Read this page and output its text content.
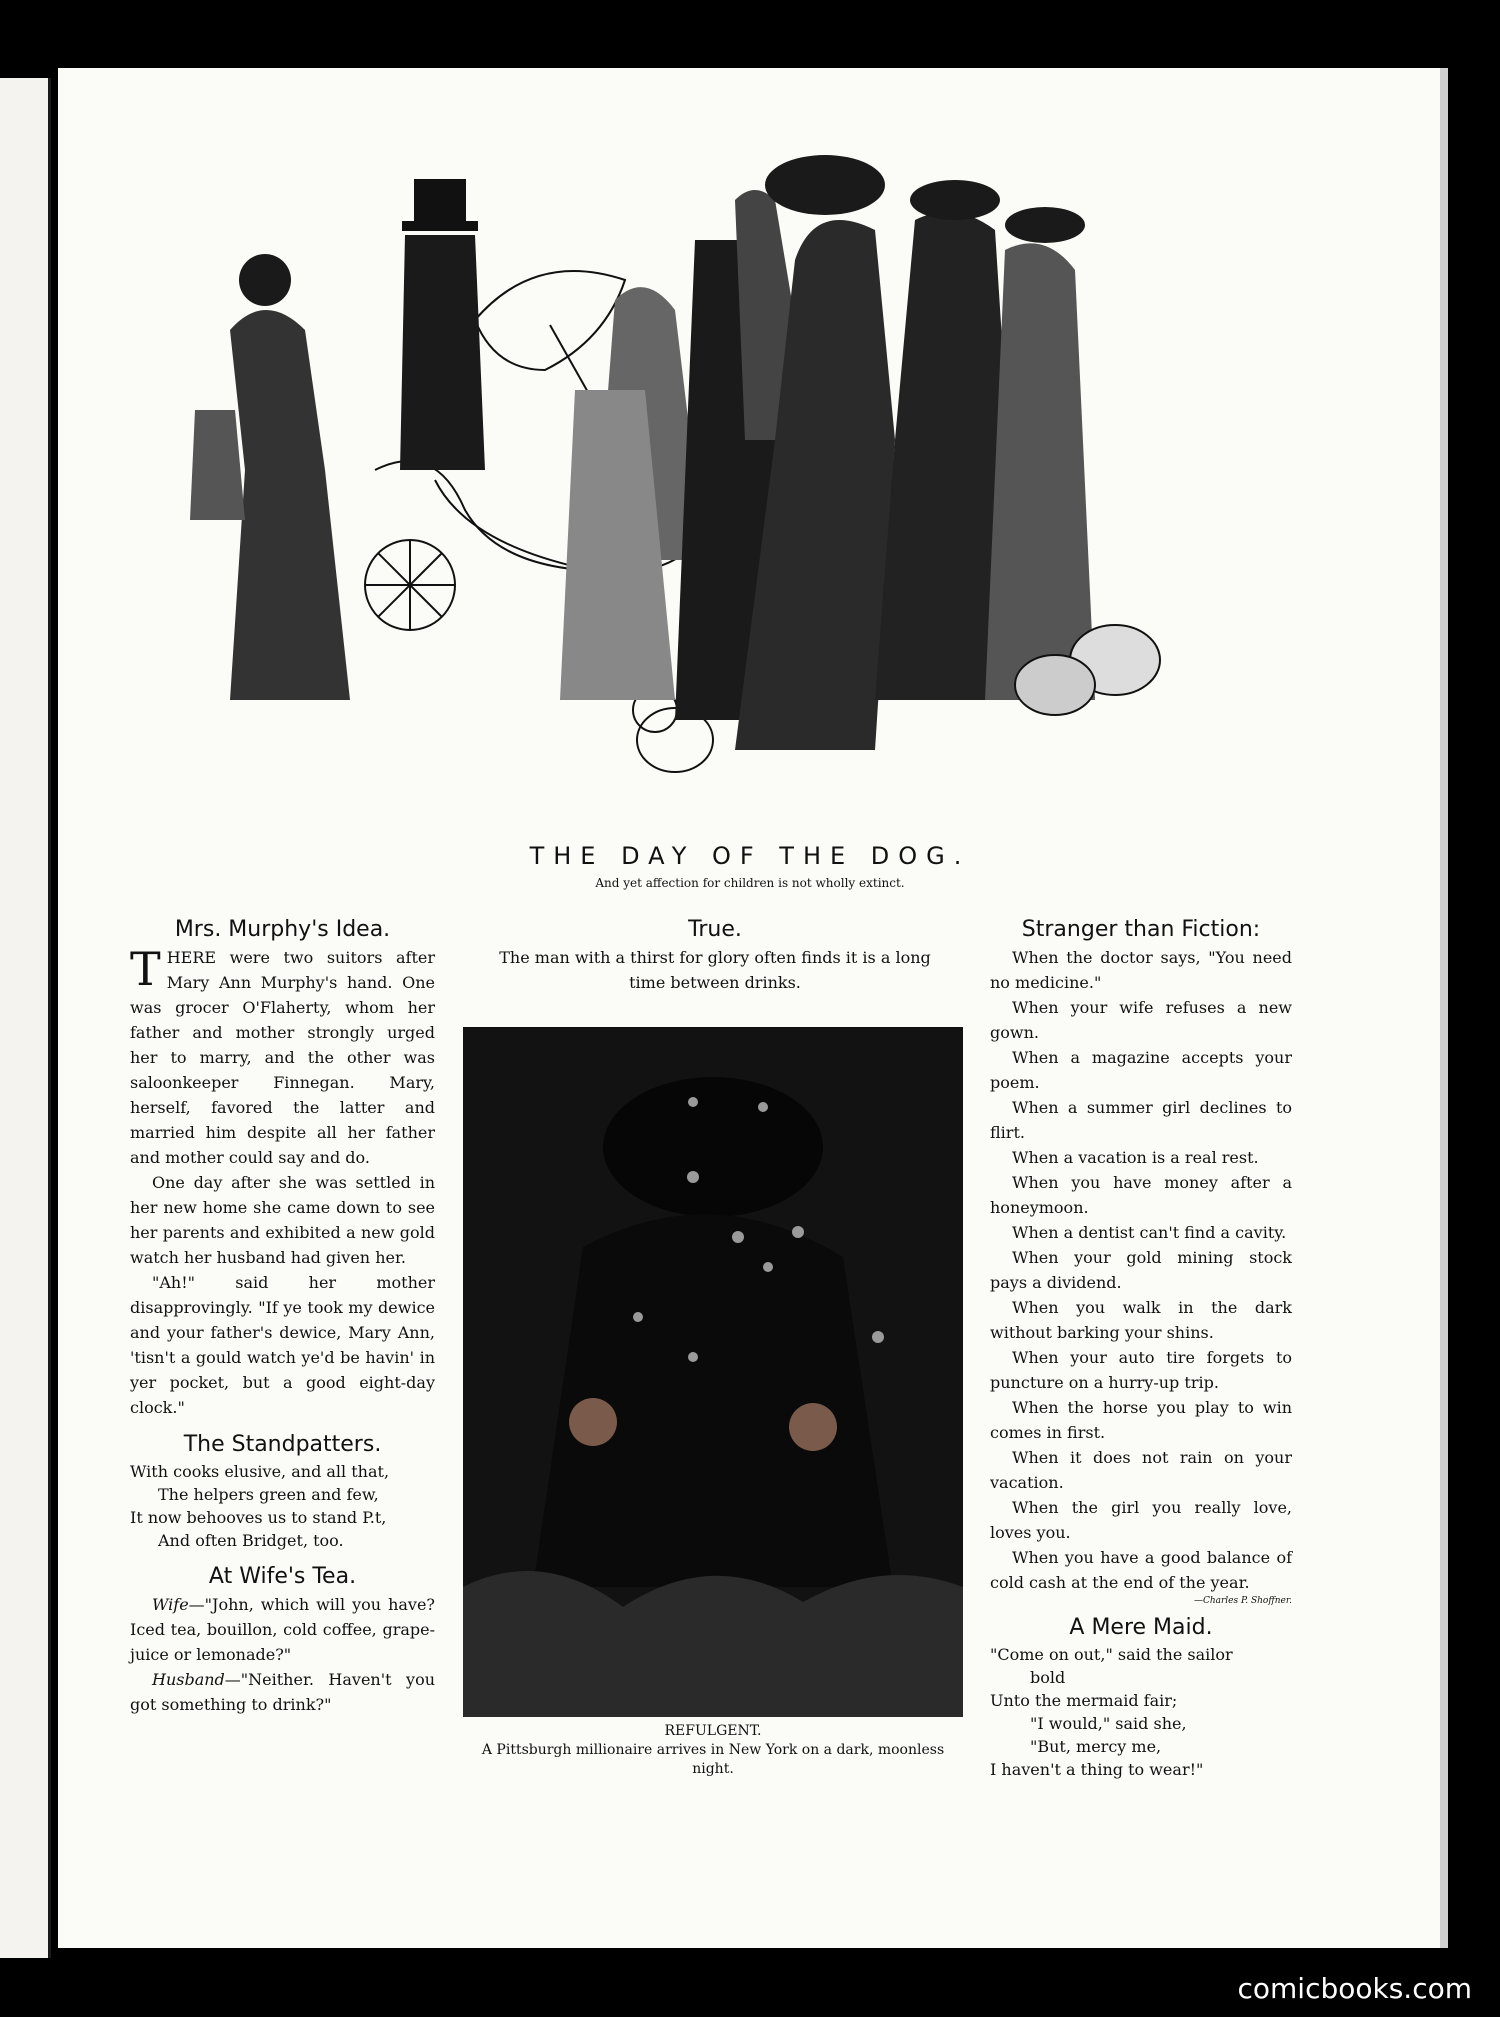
THE DAY OF THE DOG.
And yet affection for children is not wholly extinct.
Mrs. Murphy's Idea.

THERE were two suitors after Mary Ann Murphy's hand. One was grocer O'Flaherty, whom her father and mother strongly urged her to marry, and the other was saloonkeeper Finnegan. Mary, herself, favored the latter and married him despite all her father and mother could say and do.

One day after she was settled in her new home she came down to see her parents and exhibited a new gold watch her husband had given her.

"Ah!" said her mother disapprovingly. "If ye took my dewice and your father's dewice, Mary Ann, 'tisn't a gould watch ye'd be havin' in yer pocket, but a good eight-day clock."

The Standpatters.
With cooks elusive, and all that,
The helpers green and few,
It now behooves us to stand P.t,
And often Bridget, too.
At Wife's Tea.

Wife—"John, which will you have? Iced tea, bouillon, cold coffee, grape-juice or lemonade?"

Husband—"Neither. Haven't you got something to drink?"

True.

The man with a thirst for glory often finds it is a long time between drinks.

REFULGENT.
A Pittsburgh millionaire arrives in New York on a dark, moonless night.
Stranger than Fiction:

When the doctor says, "You need no medicine."

When your wife refuses a new gown.

When a magazine accepts your poem.

When a summer girl declines to flirt.

When a vacation is a real rest.

When you have money after a honeymoon.

When a dentist can't find a cavity.

When your gold mining stock pays a dividend.

When you walk in the dark without barking your shins.

When your auto tire forgets to puncture on a hurry-up trip.

When the horse you play to win comes in first.

When it does not rain on your vacation.

When the girl you really love, loves you.

When you have a good balance of cold cash at the end of the year.

—Charles P. Shoffner.
A Mere Maid.
"Come on out," said the sailor
bold
Unto the mermaid fair;
"I would," said she,
"But, mercy me,
I haven't a thing to wear!"
comicbooks.com
